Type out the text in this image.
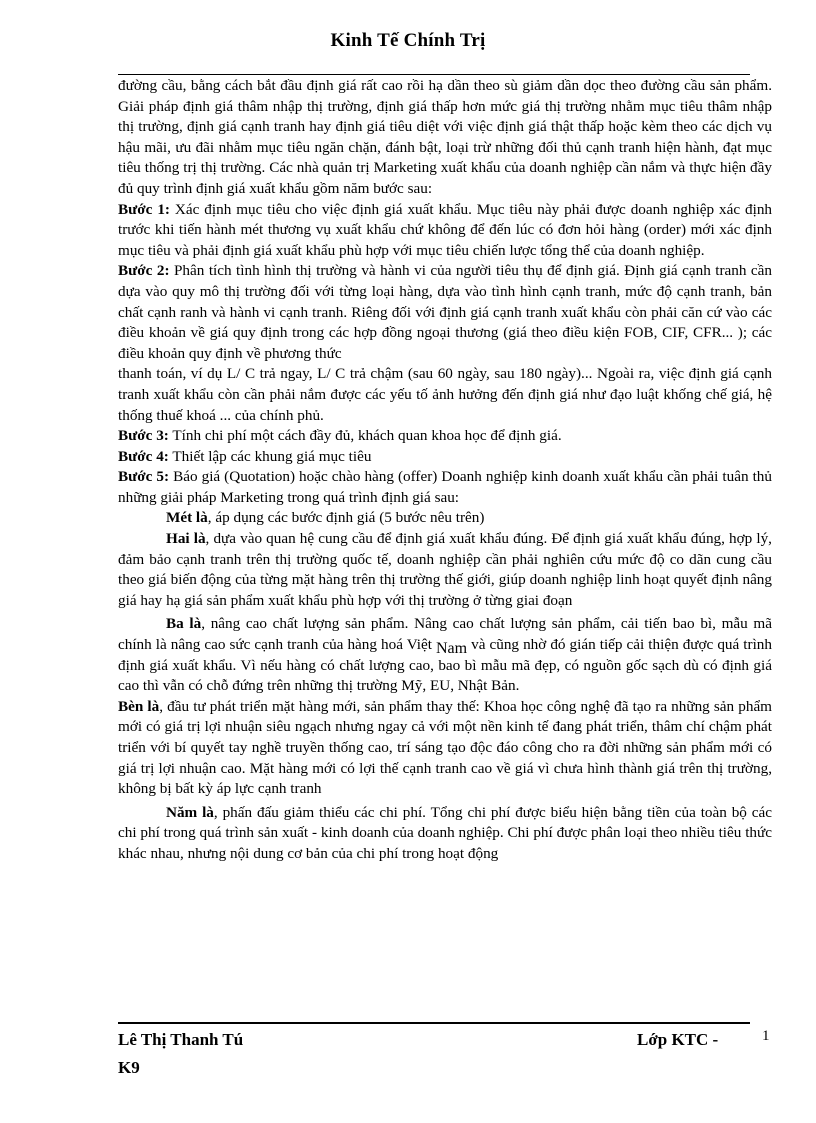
Kinh Tế Chính Trị

đường cầu, bằng cách bắt đầu định giá rất cao rồi hạ dần theo sù giảm dần dọc theo đường cầu sản phẩm. Giải pháp định giá thâm nhập thị trường, định giá thấp hơn mức giá thị trường nhằm mục tiêu thâm nhập thị trường, định giá cạnh tranh hay định giá tiêu diệt với việc định giá thật thấp hoặc kèm theo các dịch vụ hậu mãi, ưu đãi nhằm mục tiêu ngăn chặn, đánh bật, loại trừ những đối thủ cạnh tranh hiện hành, đạt mục tiêu thống trị thị trường. Các nhà quản trị Marketing xuất khẩu của doanh nghiệp cần nắm và thực hiện đầy đủ quy trình định giá xuất khẩu gồm năm bước sau:

Bước 1: Xác định mục tiêu cho việc định giá xuất khẩu. Mục tiêu này phải được doanh nghiệp xác định trước khi tiến hành mét thương vụ xuất khẩu chứ không để đến lúc có đơn hỏi hàng (order) mới xác định mục tiêu và phải định giá xuất khẩu phù hợp với mục tiêu chiến lược tổng thể của doanh nghiệp.

Bước 2: Phân tích tình hình thị trường và hành vi của người tiêu thụ để định giá. Định giá cạnh tranh cần dựa vào quy mô thị trường đối với từng loại hàng, dựa vào tình hình cạnh tranh, mức độ cạnh tranh, bản chất cạnh ranh và hành vi cạnh tranh. Riêng đối với định giá cạnh tranh xuất khẩu còn phải căn cứ vào các điều khoản về giá quy định trong các hợp đồng ngoại thương (giá theo điều kiện FOB, CIF, CFR... ); các điều khoản quy định về phương thức

thanh toán, ví dụ L/ C trả ngay, L/ C trả chậm (sau 60 ngày, sau 180 ngày)... Ngoài ra, việc định giá cạnh tranh xuất khẩu còn cần phải nắm được các yếu tố ảnh hưởng đến định giá như đạo luật khống chế giá, hệ thống thuế khoá ... của chính phủ.

Bước 3: Tính chi phí một cách đầy đủ, khách quan khoa học để định giá.

Bước 4: Thiết lập các khung giá mục tiêu

Bước 5: Báo giá (Quotation) hoặc chào hàng (offer) Doanh nghiệp kinh doanh xuất khẩu cần phải tuân thủ những giải pháp Marketing trong quá trình định giá sau:

Mét là, áp dụng các bước định giá (5 bước nêu trên)

Hai là, dựa vào quan hệ cung cầu để định giá xuất khẩu đúng. Để định giá xuất khẩu đúng, hợp lý, đảm bảo cạnh tranh trên thị trường quốc tế, doanh nghiệp cần phải nghiên cứu mức độ co dãn cung cầu theo giá biến động của từng mặt hàng trên thị trường thế giới, giúp doanh nghiệp linh hoạt quyết định nâng giá hay hạ giá sản phẩm xuất khẩu phù hợp với thị trường ở từng giai đoạn

Ba là, nâng cao chất lượng sản phẩm. Nâng cao chất lượng sản phẩm, cải tiến bao bì, mẫu mã chính là nâng cao sức cạnh tranh của hàng hoá Việt Nam và cũng nhờ đó gián tiếp cải thiện được quá trình định giá xuất khẩu. Vì nếu hàng có chất lượng cao, bao bì mẫu mã đẹp, có nguồn gốc sạch dù có định giá cao thì vẫn có chỗ đứng trên những thị trường Mỹ, EU, Nhật Bản.

Bèn là, đầu tư phát triển mặt hàng mới, sản phẩm thay thế: Khoa học công nghệ đã tạo ra những sản phẩm mới có giá trị lợi nhuận siêu ngạch nhưng ngay cả với một nền kinh tế đang phát triển, thâm chí chậm phát triển với bí quyết tay nghề truyền thống cao, trí sáng tạo độc đáo công cho ra đời những sản phẩm mới có giá trị lợi nhuận cao. Mặt hàng mới có lợi thế cạnh tranh cao về giá vì chưa hình thành giá trên thị trường, không bị bất kỳ áp lực cạnh tranh

Năm là, phấn đấu giảm thiểu các chi phí. Tổng chi phí được biểu hiện bằng tiền của toàn bộ các chi phí trong quá trình sản xuất - kinh doanh của doanh nghiệp. Chi phí được phân loại theo nhiều tiêu thức khác nhau, nhưng nội dung cơ bản của chi phí trong hoạt động

Lê Thị Thanh Tú
K9
Lớp KTC -	1
